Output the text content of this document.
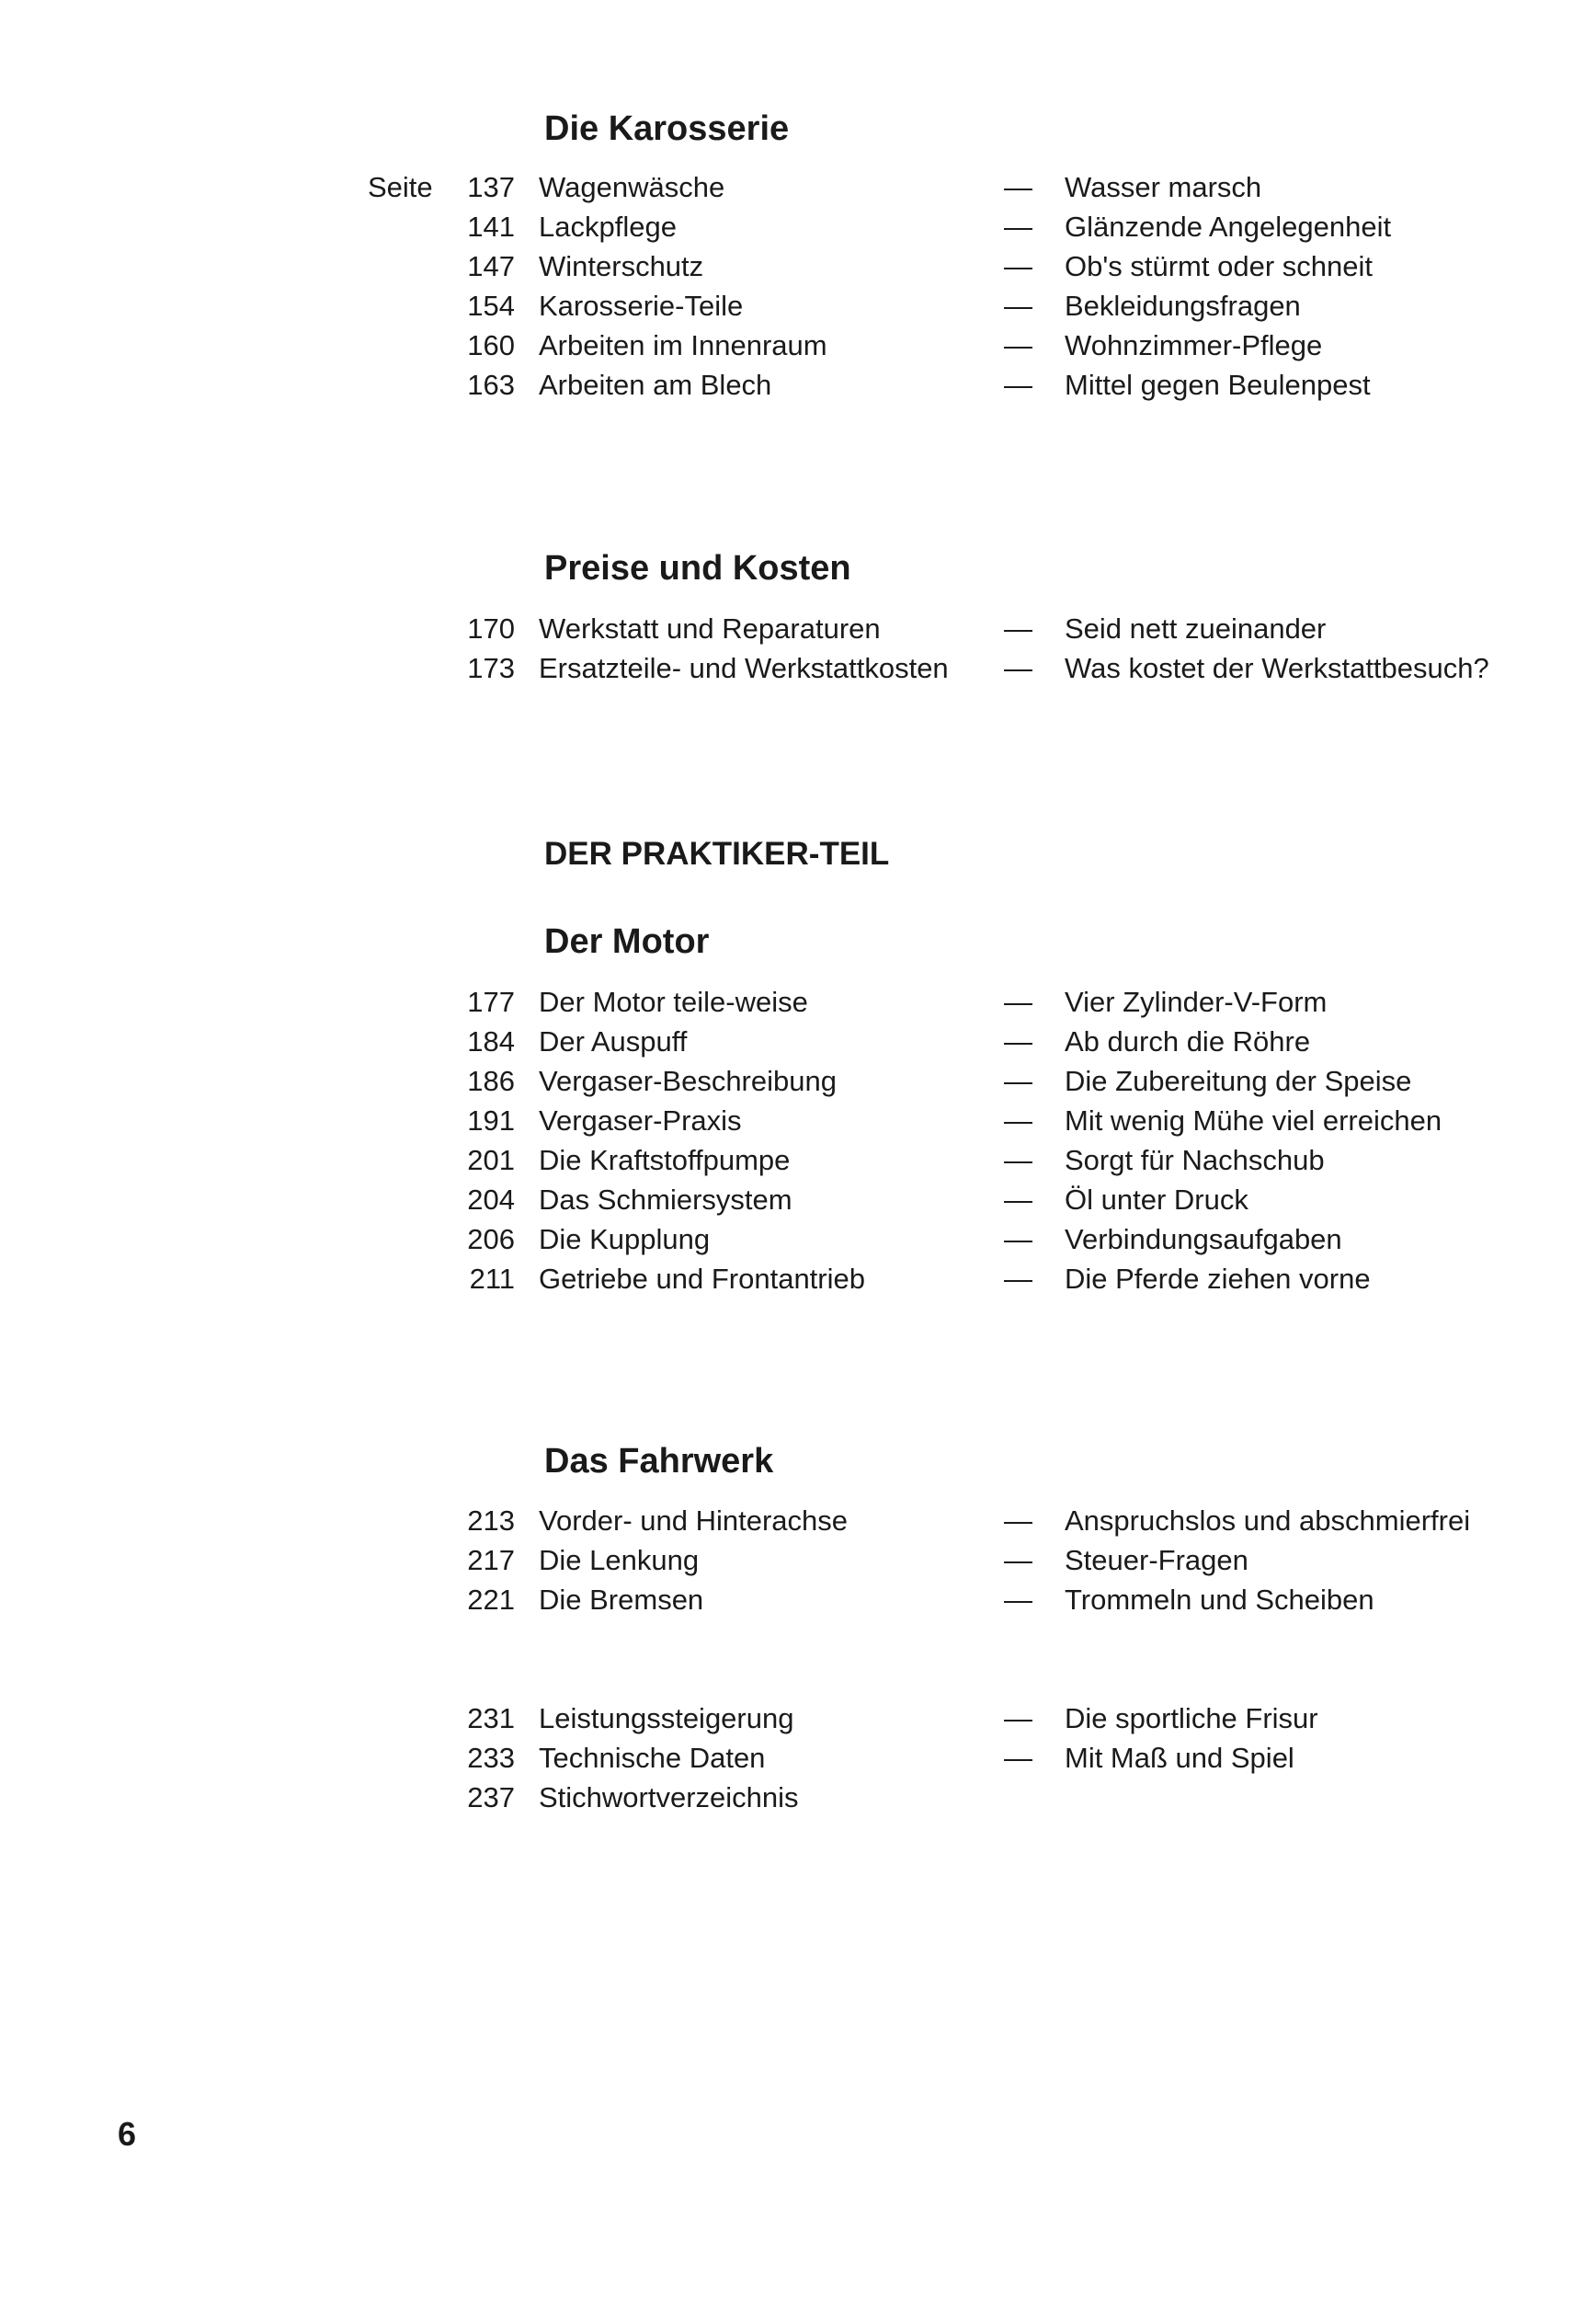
Die Karosserie
Seite 137 Wagenwäsche	— Wasser marsch
141 Lackpflege	— Glänzende Angelegenheit
147 Winterschutz	— Ob's stürmt oder schneit
154 Karosserie-Teile	— Bekleidungsfragen
160 Arbeiten im Innenraum	— Wohnzimmer-Pflege
163 Arbeiten am Blech	— Mittel gegen Beulenpest
Preise und Kosten
170 Werkstatt und Reparaturen	— Seid nett zueinander
173 Ersatzteile- und Werkstattkosten — Was kostet der Werkstattbesuch?
DER PRAKTIKER-TEIL
Der Motor
177 Der Motor teile-weise	— Vier Zylinder-V-Form
184 Der Auspuff	— Ab durch die Röhre
186 Vergaser-Beschreibung	— Die Zubereitung der Speise
191 Vergaser-Praxis	— Mit wenig Mühe viel erreichen
201 Die Kraftstoffpumpe	— Sorgt für Nachschub
204 Das Schmiersystem	— Öl unter Druck
206 Die Kupplung	— Verbindungsaufgaben
211 Getriebe und Frontantrieb	— Die Pferde ziehen vorne
Das Fahrwerk
213 Vorder- und Hinterachse	— Anspruchslos und abschmierfrei
217 Die Lenkung	— Steuer-Fragen
221 Die Bremsen	— Trommeln und Scheiben
231 Leistungssteigerung	— Die sportliche Frisur
233 Technische Daten	— Mit Maß und Spiel
237 Stichwortverzeichnis
6
